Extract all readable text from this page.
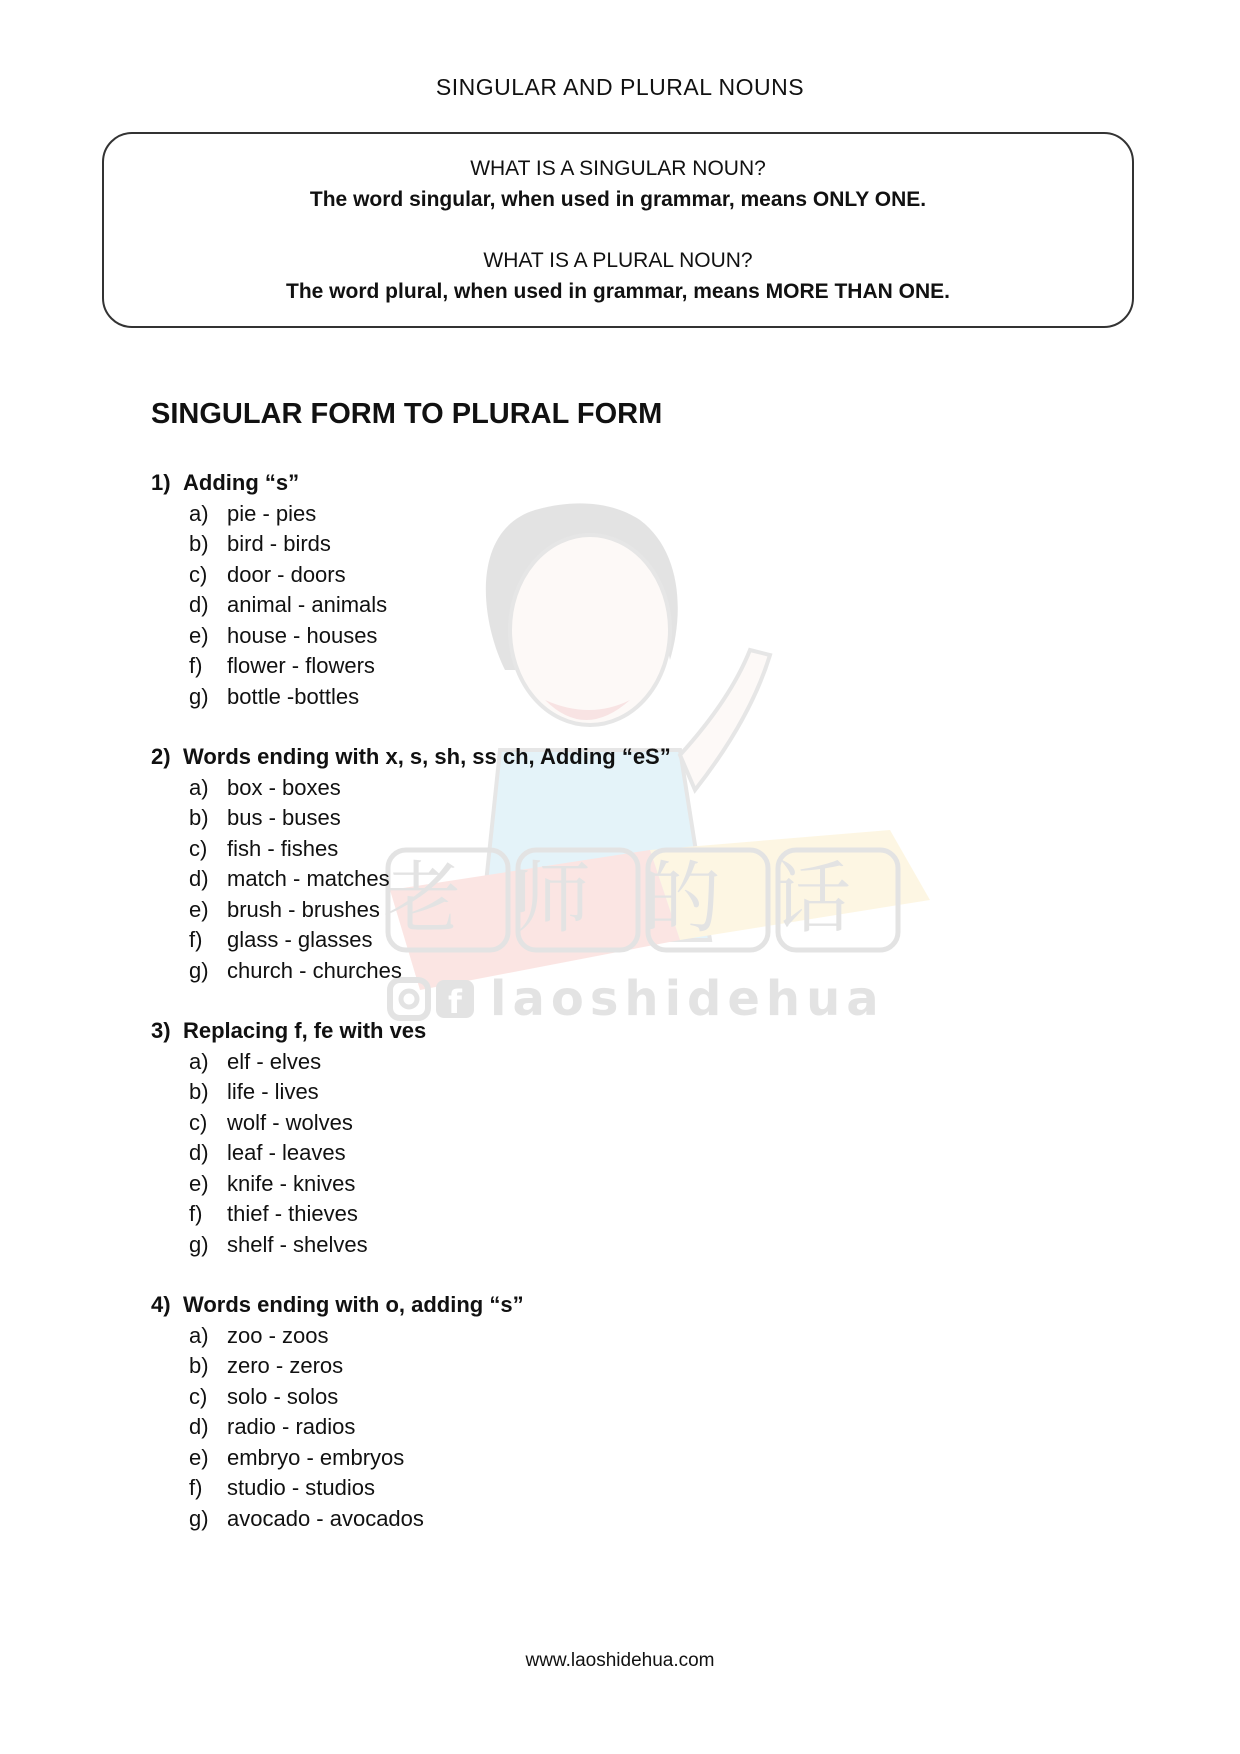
SINGULAR AND PLURAL NOUNS
WHAT IS A SINGULAR NOUN?
The word singular, when used in grammar, means ONLY ONE.
WHAT IS A PLURAL NOUN?
The word plural, when used in grammar, means MORE THAN ONE.
老师的话
f laoshidehua
SINGULAR FORM TO PLURAL FORM
1) Adding “s”
a) pie - pies
b) bird - birds
c) door - doors
d) animal - animals
e) house - houses
f) flower - flowers
g) bottle -bottles
2) Words ending with x, s, sh, ss ch, Adding “eS”
a) box - boxes
b) bus - buses
c) fish - fishes
d) match - matches
e) brush - brushes
f) glass - glasses
g) church - churches
3) Replacing f, fe with ves
a) elf - elves
b) life - lives
c) wolf - wolves
d) leaf - leaves
e) knife - knives
f) thief - thieves
g) shelf - shelves
4) Words ending with o, adding “s”
a) zoo - zoos
b) zero - zeros
c) solo - solos
d) radio - radios
e) embryo - embryos
f) studio - studios
g) avocado - avocados
www.laoshidehua.com
